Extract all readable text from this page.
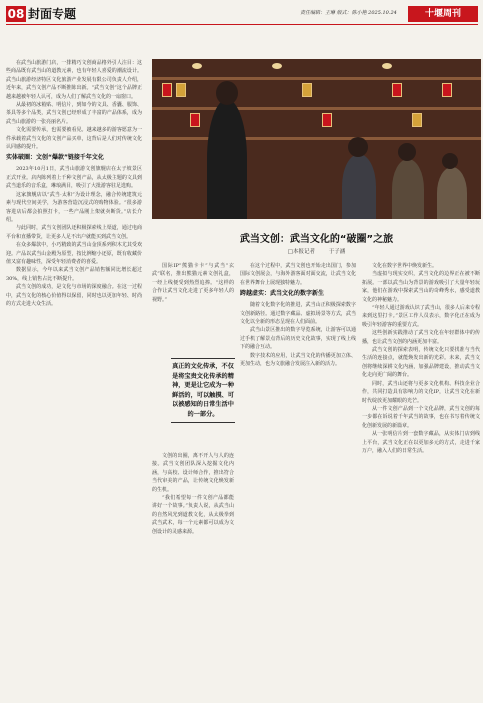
08 封面专题	责任编辑：王琳 版式：陈小艳 2025.10.24	十堰周刊

在武当山旅游门店，一排精巧文创商品格外引人注目：这些商品既有武当山的道教元素，也有年轻人喜爱的潮流设计。武当山旅游经济特区文化旅游产业发展有限公司负责人介绍，近年来，武当文创产品不断推陈出新。“武当文创”这个品牌正越来越被年轻人认可，成为人们了解武当文化的一扇窗口。

从最初的冰箱贴、明信片，到如今的文具、香囊、服饰、茶具等多个品类，武当文创已经形成了丰富的产品体系，成为武当山旅游的一张亮丽名片。

文化需要传承，也需要被看见。越来越多的游客愿意为一件承载着武当文化的文创产品买单，这背后是人们对传统文化认同感的提升。

实体破圈：文创“爆款”链接千年文化

2023年10月1日，武当山旅游文创旗舰店在太子坡景区正式开业。店内陈列着上千种文创产品，从太极主题的文具到武当道乐的音乐盒，琳琅满目，吸引了大批游客驻足选购。

这家旗舰店以“武当·太和”为设计理念，融合传统建筑元素与现代空间美学，为游客营造沉浸式的购物体验。“很多游客进店后都会拍照打卡，一些产品刚上架就卖断货。”店长介绍。

与此同时，武当文创团队还积极探索线上渠道，通过电商平台和直播带货，让更多人足不出户就能买到武当文创。

在众多爆款中，小巧精致的武当山金顶系列积木尤其受欢迎。产品以武当山金殿为原型，按比例缩小还原，既有收藏价值又富有趣味性，深受年轻消费者的喜爱。

数据显示，今年以来武当文创产品销售额同比增长超过30%，线上销售占比不断提升。

武当文创的成功，是文化与市场的深度融合。在这一过程中，武当文化的核心价值得以保留，同时也以更加年轻、时尚的方式走进大众生活。

武当文创：武当文化的“破圈”之旅
□本报记者	于子涵

在这个过程中，武当文创也开始走出国门，参加国际文创展会，与海外游客面对面交流，让武当文化在世界舞台上展现独特魅力。

跨越虚实：武当文化的数字新生

随着文化数字化的推进，武当山正积极探索数字文创新路径。通过数字藏品、虚拟场景等方式，武当文化以全新的形态呈现在人们面前。

武当山景区推出的数字导览系统，让游客可以通过手机了解景点背后的历史文化故事，实现了线上线下的融合互动。

数字技术的应用，让武当文化的传播更加立体、更加生动，也为文旅融合发展注入新的活力。

国际IP“熊猫卡卡”与武当“玄武”联名，推出熊猫元素文创礼盒，一经上线便受到热烈追捧。“这样的合作让武当文化走进了更多年轻人的视野。”

真正的文化传承，不仅是将宝贵文化传承的精神，更是让它成为一种鲜活的，可以触摸、可以被感知的日常生活中的一部分。

文创的出圈，离不开人与人的连接。武当文创团队深入挖掘文化内涵，与高校、设计师合作，推出符合当代审美的产品，让传统文化焕发新的生机。

“我们希望每一件文创产品都能讲好一个故事。”负责人说，从武当山的自然风光到道教文化，从太极拳到武当武术，每一个元素都可以成为文创设计的灵感来源。

文化在数字世界中焕发新生。

当虚拟与现实交织，武当文化的边界正在被不断拓展。一部以武当山为背景的游戏吸引了大量年轻玩家，他们在游戏中探索武当山的奇峰秀水，感受道教文化的神秘魅力。

“年轻人通过游戏认识了武当山，很多人后来专程来到这里打卡。”景区工作人员表示，数字化正在成为吸引年轻游客的重要方式。

这些创新实践推动了武当文化在年轻群体中的传播，也让武当文创的内涵更加丰富。

武当文创的探索表明，传统文化只要找准与当代生活的连接点，就能焕发出新的光彩。未来，武当文创将继续深耕文化内涵，加强品牌建设，推动武当文化走向更广阔的舞台。

同时，武当山还将与更多文化机构、科技企业合作，共同打造具有影响力的文化IP，让武当文化在新时代绽放更加耀眼的光芒。

从一件文创产品到一个文化品牌，武当文创的每一步都在诉说着千年武当的故事，也在书写着传统文化创新发展的新篇章。

从一张明信片到一套数字藏品，从实体门店到线上平台，武当文化正在以更加多元的方式，走进千家万户，融入人们的日常生活。
